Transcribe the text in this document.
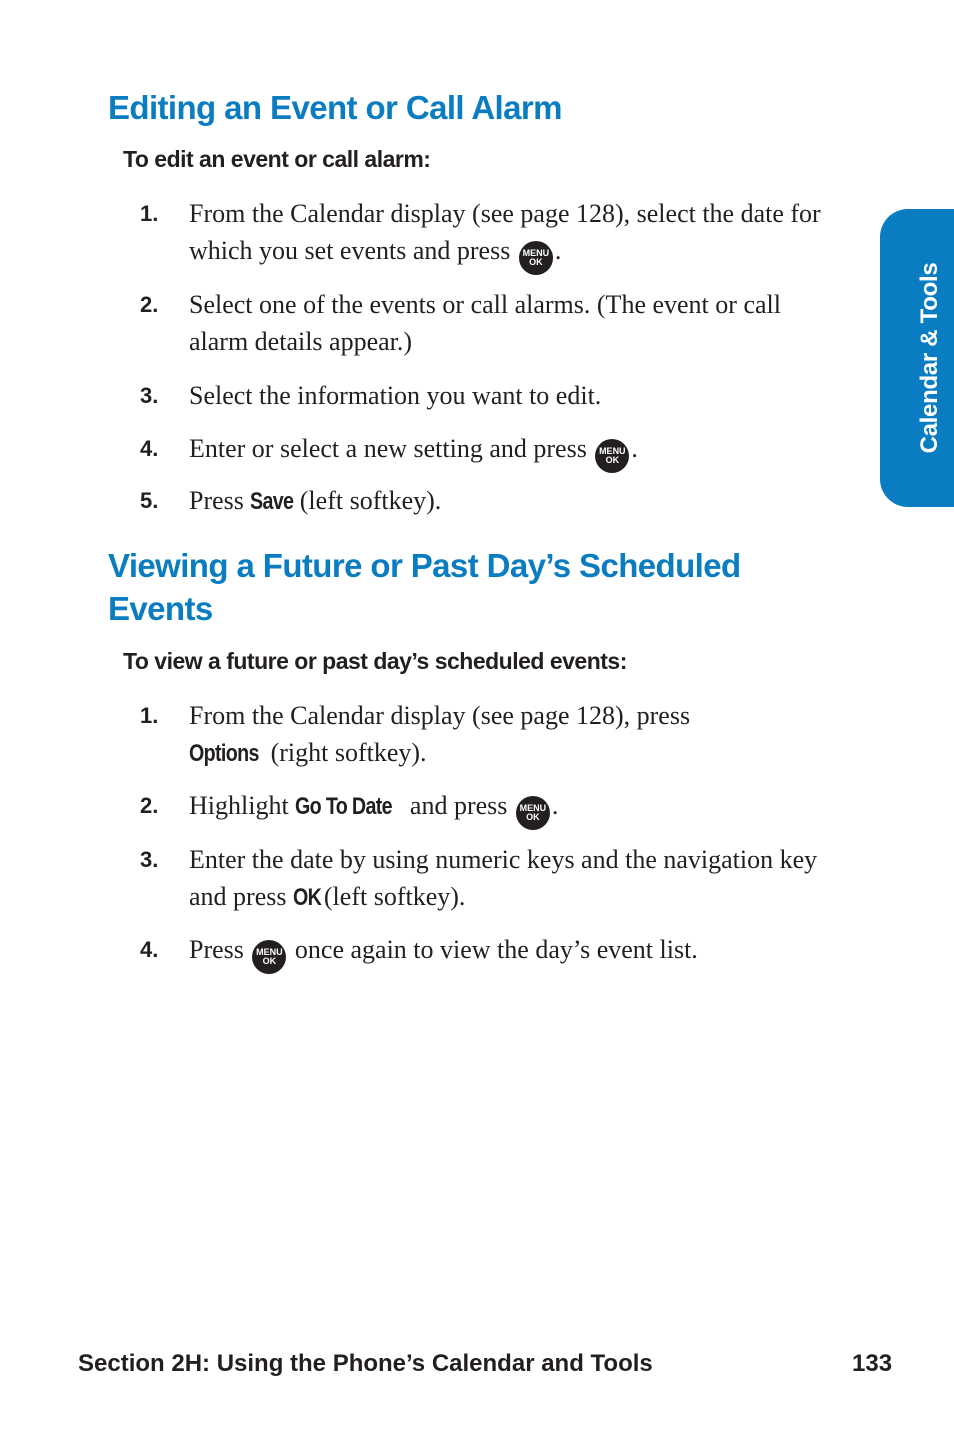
Editing an Event or Call Alarm

To edit an event or call alarm:

1. From the Calendar display (see page 128), select the date for which you set events and press	MENU
OK .
2. Select one of the events or call alarms. (The event or call alarm details appear.)
3. Select the information you want to edit.
4. Enter or select a new setting and press	MENU
OK .
5. Press Save (left softkey).
Viewing a Future or Past Day’s Scheduled
Events

To view a future or past day’s scheduled events:

1. From the Calendar display (see page 128), press
Options (right softkey).
2. Highlight Go To Date and press	MENU
OK .
3. Enter the date by using numeric keys and the navigation key and press OK (left softkey).
4. Press	MENU
OK once again to view the day’s event list.
Calendar & Tools
Section 2H: Using the Phone’s Calendar and Tools	133
